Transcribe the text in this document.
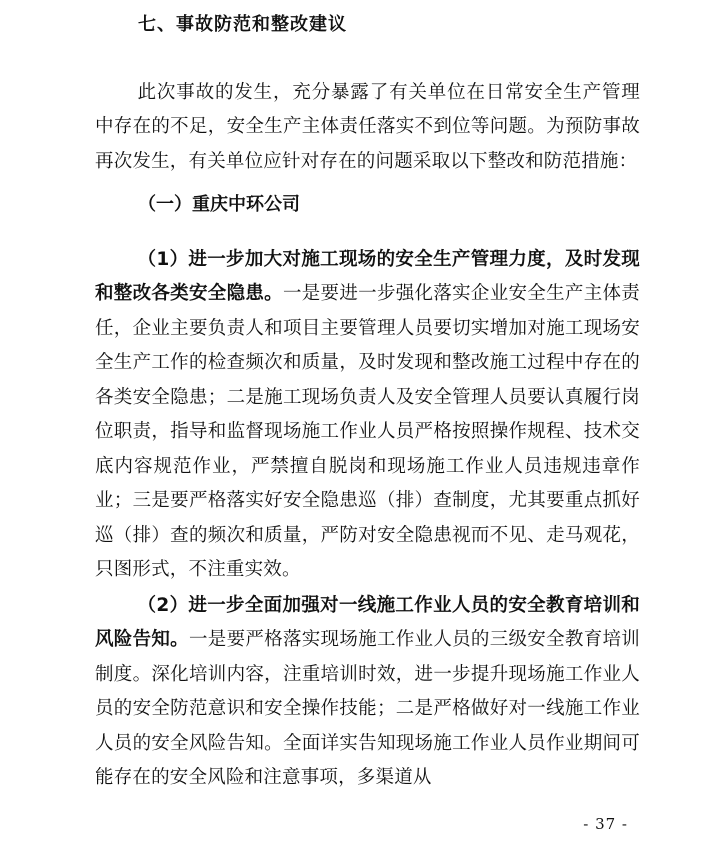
七、事故防范和整改建议

此次事故的发生，充分暴露了有关单位在日常安全生产管理中存在的不足，安全生产主体责任落实不到位等问题。为预防事故再次发生，有关单位应针对存在的问题采取以下整改和防范措施：

（一）重庆中环公司

（1）进一步加大对施工现场的安全生产管理力度，及时发现和整改各类安全隐患。一是要进一步强化落实企业安全生产主体责任，企业主要负责人和项目主要管理人员要切实增加对施工现场安全生产工作的检查频次和质量，及时发现和整改施工过程中存在的各类安全隐患；二是施工现场负责人及安全管理人员要认真履行岗位职责，指导和监督现场施工作业人员严格按照操作规程、技术交底内容规范作业，严禁擅自脱岗和现场施工作业人员违规违章作业；三是要严格落实好安全隐患巡（排）查制度，尤其要重点抓好巡（排）查的频次和质量，严防对安全隐患视而不见、走马观花，只图形式，不注重实效。

（2）进一步全面加强对一线施工作业人员的安全教育培训和风险告知。一是要严格落实现场施工作业人员的三级安全教育培训制度。深化培训内容，注重培训时效，进一步提升现场施工作业人员的安全防范意识和安全操作技能；二是严格做好对一线施工作业人员的安全风险告知。全面详实告知现场施工作业人员作业期间可能存在的安全风险和注意事项，多渠道从

- 37 -
